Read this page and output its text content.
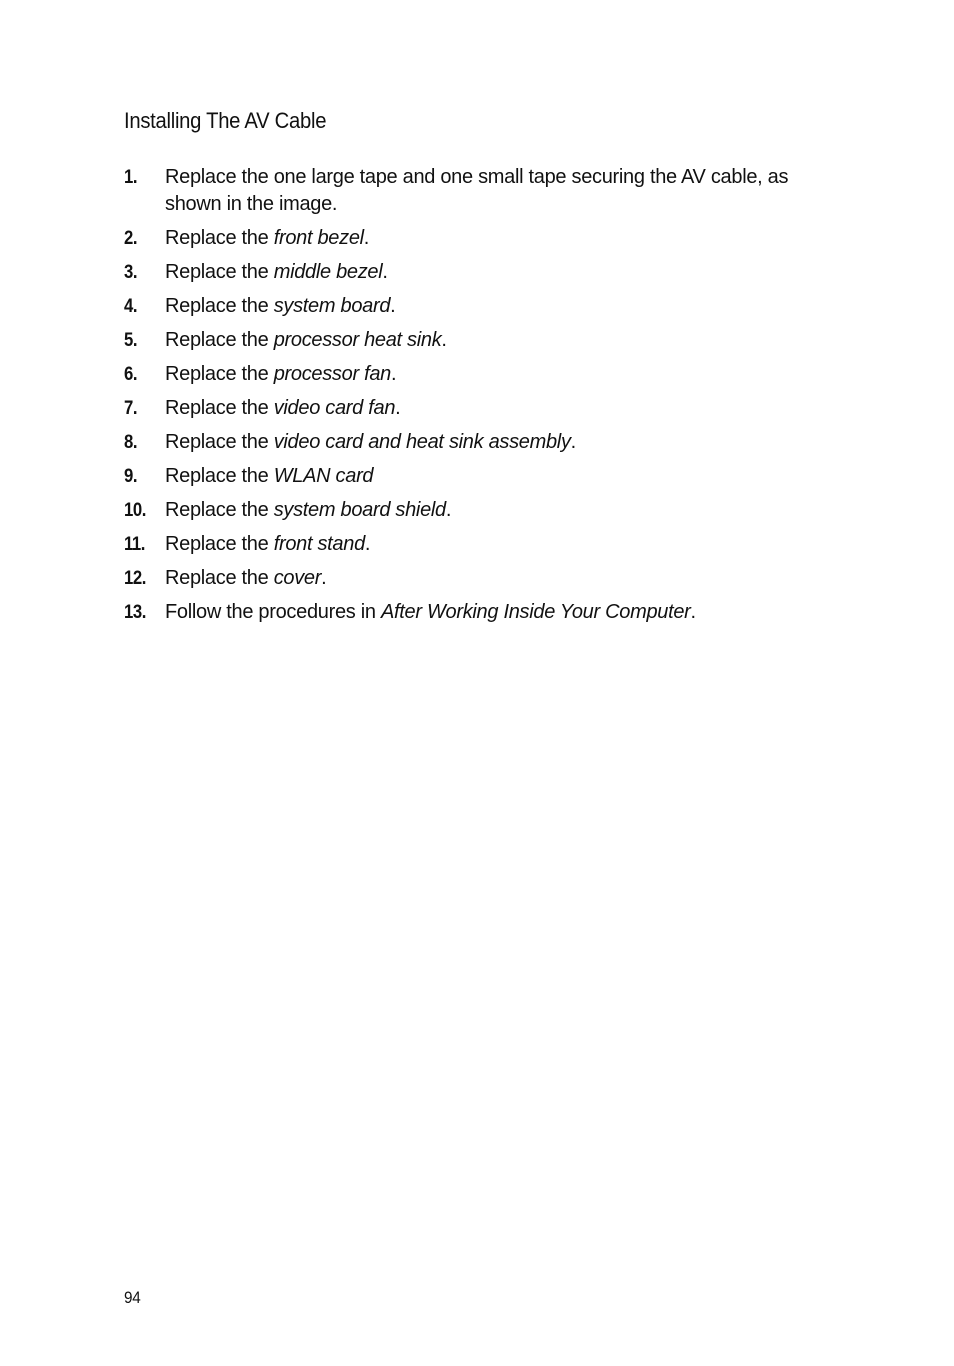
Installing The AV Cable
1. Replace the one large tape and one small tape securing the AV cable, as shown in the image.
2. Replace the front bezel.
3. Replace the middle bezel.
4. Replace the system board.
5. Replace the processor heat sink.
6. Replace the processor fan.
7. Replace the video card fan.
8. Replace the video card and heat sink assembly.
9. Replace the WLAN card
10. Replace the system board shield.
11. Replace the front stand.
12. Replace the cover.
13. Follow the procedures in After Working Inside Your Computer.
94
